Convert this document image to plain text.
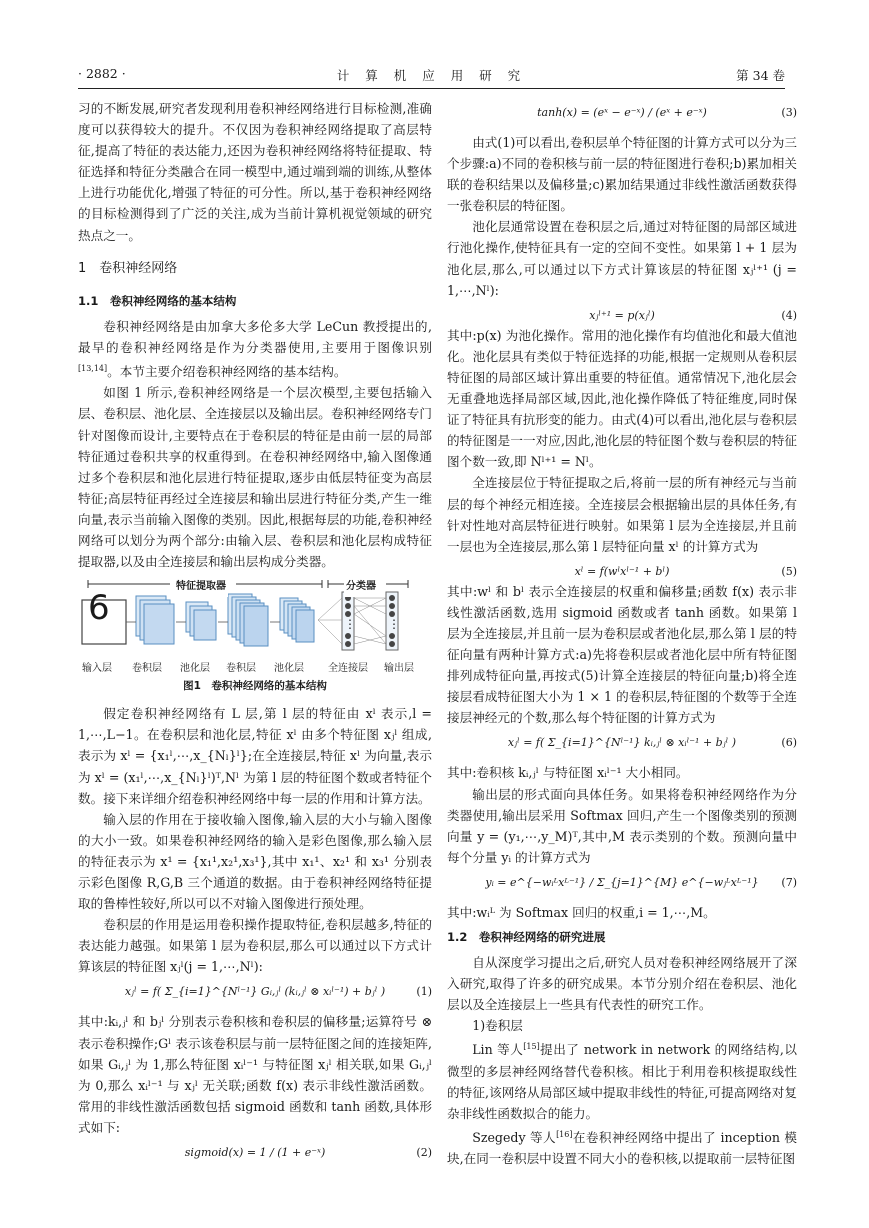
· 2882 ·	计 算 机 应 用 研 究	第 34 卷
习的不断发展,研究者发现利用卷积神经网络进行目标检测,准确度可以获得较大的提升。不仅因为卷积神经网络提取了高层特征,提高了特征的表达能力,还因为卷积神经网络将特征提取、特征选择和特征分类融合在同一模型中,通过端到端的训练,从整体上进行功能优化,增强了特征的可分性。所以,基于卷积神经网络的目标检测得到了广泛的关注,成为当前计算机视觉领域的研究热点之一。
1　卷积神经网络
1.1　卷积神经网络的基本结构
卷积神经网络是由加拿大多伦多大学 LeCun 教授提出的,最早的卷积神经网络是作为分类器使用,主要用于图像识别[13,14]。本节主要介绍卷积神经网络的基本结构。
如图 1 所示,卷积神经网络是一个层次模型,主要包括输入层、卷积层、池化层、全连接层以及输出层。卷积神经网络专门针对图像而设计,主要特点在于卷积层的特征是由前一层的局部特征通过卷积共享的权重得到。在卷积神经网络中,输入图像通过多个卷积层和池化层进行特征提取,逐步由低层特征变为高层特征;高层特征再经过全连接层和输出层进行特征分类,产生一维向量,表示当前输入图像的类别。因此,根据每层的功能,卷积神经网络可以划分为两个部分:由输入层、卷积层和池化层构成特征提取器,以及由全连接层和输出层构成分类器。
特征提取器	分类器
6	⋮	⋮
输入层 卷积层 池化层 卷积层 池化层 全连接层 输出层
图1　卷积神经网络的基本结构
假定卷积神经网络有 L 层,第 l 层的特征由 xˡ 表示,l = 1,⋯,L−1。在卷积层和池化层,特征 xˡ 由多个特征图 xⱼˡ 组成,表示为 xˡ = {x₁ˡ,⋯,x_{Nₗ}ˡ};在全连接层,特征 xˡ 为向量,表示为 xˡ = (x₁ˡ,⋯,x_{Nₗ}ˡ)ᵀ,Nˡ 为第 l 层的特征图个数或者特征个数。接下来详细介绍卷积神经网络中每一层的作用和计算方法。
输入层的作用在于接收输入图像,输入层的大小与输入图像的大小一致。如果卷积神经网络的输入是彩色图像,那么输入层的特征表示为 x¹ = {x₁¹,x₂¹,x₃¹},其中 x₁¹、x₂¹ 和 x₃¹ 分别表示彩色图像 R,G,B 三个通道的数据。由于卷积神经网络特征提取的鲁棒性较好,所以可以不对输入图像进行预处理。
卷积层的作用是运用卷积操作提取特征,卷积层越多,特征的表达能力越强。如果第 l 层为卷积层,那么可以通过以下方式计算该层的特征图 xⱼˡ(j = 1,⋯,Nˡ):
xⱼˡ = f( Σ_{i=1}^{Nˡ⁻¹} Gᵢ,ⱼˡ (kᵢ,ⱼˡ ⊗ xᵢˡ⁻¹) + bⱼˡ )	(1)
其中:kᵢ,ⱼˡ 和 bⱼˡ 分别表示卷积核和卷积层的偏移量;运算符号 ⊗ 表示卷积操作;Gˡ 表示该卷积层与前一层特征图之间的连接矩阵,如果 Gᵢ,ⱼˡ 为 1,那么特征图 xᵢˡ⁻¹ 与特征图 xⱼˡ 相关联,如果 Gᵢ,ⱼˡ 为 0,那么 xᵢˡ⁻¹ 与 xⱼˡ 无关联;函数 f(x) 表示非线性激活函数。常用的非线性激活函数包括 sigmoid 函数和 tanh 函数,具体形式如下:
sigmoid(x) = 1 / (1 + e⁻ˣ)	(2)
tanh(x) = (eˣ − e⁻ˣ) / (eˣ + e⁻ˣ)	(3)
由式(1)可以看出,卷积层单个特征图的计算方式可以分为三个步骤:a)不同的卷积核与前一层的特征图进行卷积;b)累加相关联的卷积结果以及偏移量;c)累加结果通过非线性激活函数获得一张卷积层的特征图。
池化层通常设置在卷积层之后,通过对特征图的局部区域进行池化操作,使特征具有一定的空间不变性。如果第 l + 1 层为池化层,那么,可以通过以下方式计算该层的特征图 xⱼˡ⁺¹ (j = 1,⋯,Nˡ):
xⱼˡ⁺¹ = p(xⱼˡ)	(4)
其中:p(x) 为池化操作。常用的池化操作有均值池化和最大值池化。池化层具有类似于特征选择的功能,根据一定规则从卷积层特征图的局部区域计算出重要的特征值。通常情况下,池化层会无重叠地选择局部区域,因此,池化操作降低了特征维度,同时保证了特征具有抗形变的能力。由式(4)可以看出,池化层与卷积层的特征图是一一对应,因此,池化层的特征图个数与卷积层的特征图个数一致,即 Nˡ⁺¹ = Nˡ。
全连接层位于特征提取之后,将前一层的所有神经元与当前层的每个神经元相连接。全连接层会根据输出层的具体任务,有针对性地对高层特征进行映射。如果第 l 层为全连接层,并且前一层也为全连接层,那么第 l 层特征向量 xˡ 的计算方式为
xˡ = f(wˡxˡ⁻¹ + bˡ)	(5)
其中:wˡ 和 bˡ 表示全连接层的权重和偏移量;函数 f(x) 表示非线性激活函数,选用 sigmoid 函数或者 tanh 函数。如果第 l 层为全连接层,并且前一层为卷积层或者池化层,那么第 l 层的特征向量有两种计算方式:a)先将卷积层或者池化层中所有特征图排列成特征向量,再按式(5)计算全连接层的特征向量;b)将全连接层看成特征图大小为 1 × 1 的卷积层,特征图的个数等于全连接层神经元的个数,那么每个特征图的计算方式为
xⱼˡ = f( Σ_{i=1}^{Nˡ⁻¹} kᵢ,ⱼˡ ⊗ xᵢˡ⁻¹ + bⱼˡ )	(6)
其中:卷积核 kᵢ,ⱼˡ 与特征图 xᵢˡ⁻¹ 大小相同。
输出层的形式面向具体任务。如果将卷积神经网络作为分类器使用,输出层采用 Softmax 回归,产生一个图像类别的预测向量 y = (y₁,⋯,y_M)ᵀ,其中,M 表示类别的个数。预测向量中每个分量 yᵢ 的计算方式为
yᵢ = e^{−wᵢᴸxᴸ⁻¹} / Σ_{j=1}^{M} e^{−wⱼᴸxᴸ⁻¹} (7)
其中:wᵢᴸ 为 Softmax 回归的权重,i = 1,⋯,M。
1.2　卷积神经网络的研究进展
自从深度学习提出之后,研究人员对卷积神经网络展开了深入研究,取得了许多的研究成果。本节分别介绍在卷积层、池化层以及全连接层上一些具有代表性的研究工作。
1)卷积层
Lin 等人[15]提出了 network in network 的网络结构,以微型的多层神经网络替代卷积核。相比于利用卷积核提取线性的特征,该网络从局部区域中提取非线性的特征,可提高网络对复杂非线性函数拟合的能力。
Szegedy 等人[16]在卷积神经网络中提出了 inception 模块,在同一卷积层中设置不同大小的卷积核,以提取前一层特征图
